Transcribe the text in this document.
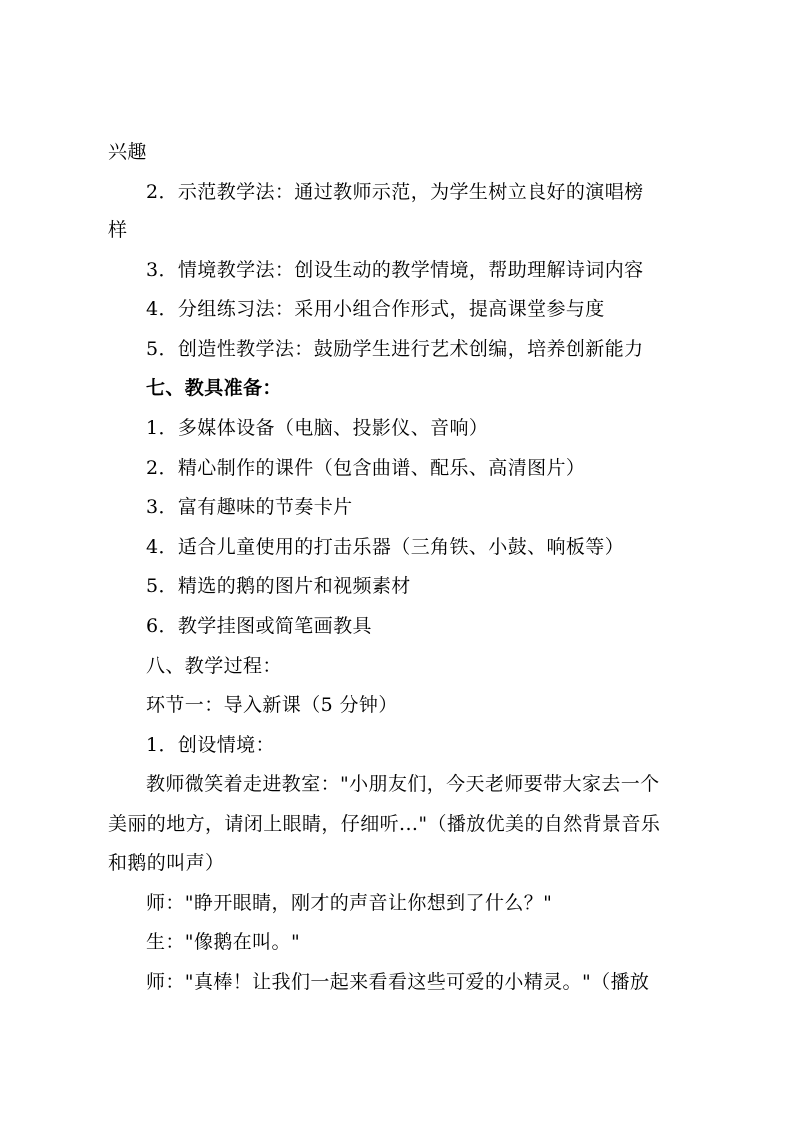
兴趣
2．示范教学法：通过教师示范，为学生树立良好的演唱榜
样
3．情境教学法：创设生动的教学情境，帮助理解诗词内容
4．分组练习法：采用小组合作形式，提高课堂参与度
5．创造性教学法：鼓励学生进行艺术创编，培养创新能力
七、教具准备：
1．多媒体设备（电脑、投影仪、音响）
2．精心制作的课件（包含曲谱、配乐、高清图片）
3．富有趣味的节奏卡片
4．适合儿童使用的打击乐器（三角铁、小鼓、响板等）
5．精选的鹅的图片和视频素材
6．教学挂图或简笔画教具
八、教学过程：
环节一：导入新课（5 分钟）
1．创设情境：
教师微笑着走进教室："小朋友们，今天老师要带大家去一个
美丽的地方，请闭上眼睛，仔细听..."（播放优美的自然背景音乐
和鹅的叫声）
师："睁开眼睛，刚才的声音让你想到了什么？"
生："像鹅在叫。"
师："真棒！让我们一起来看看这些可爱的小精灵。"（播放
